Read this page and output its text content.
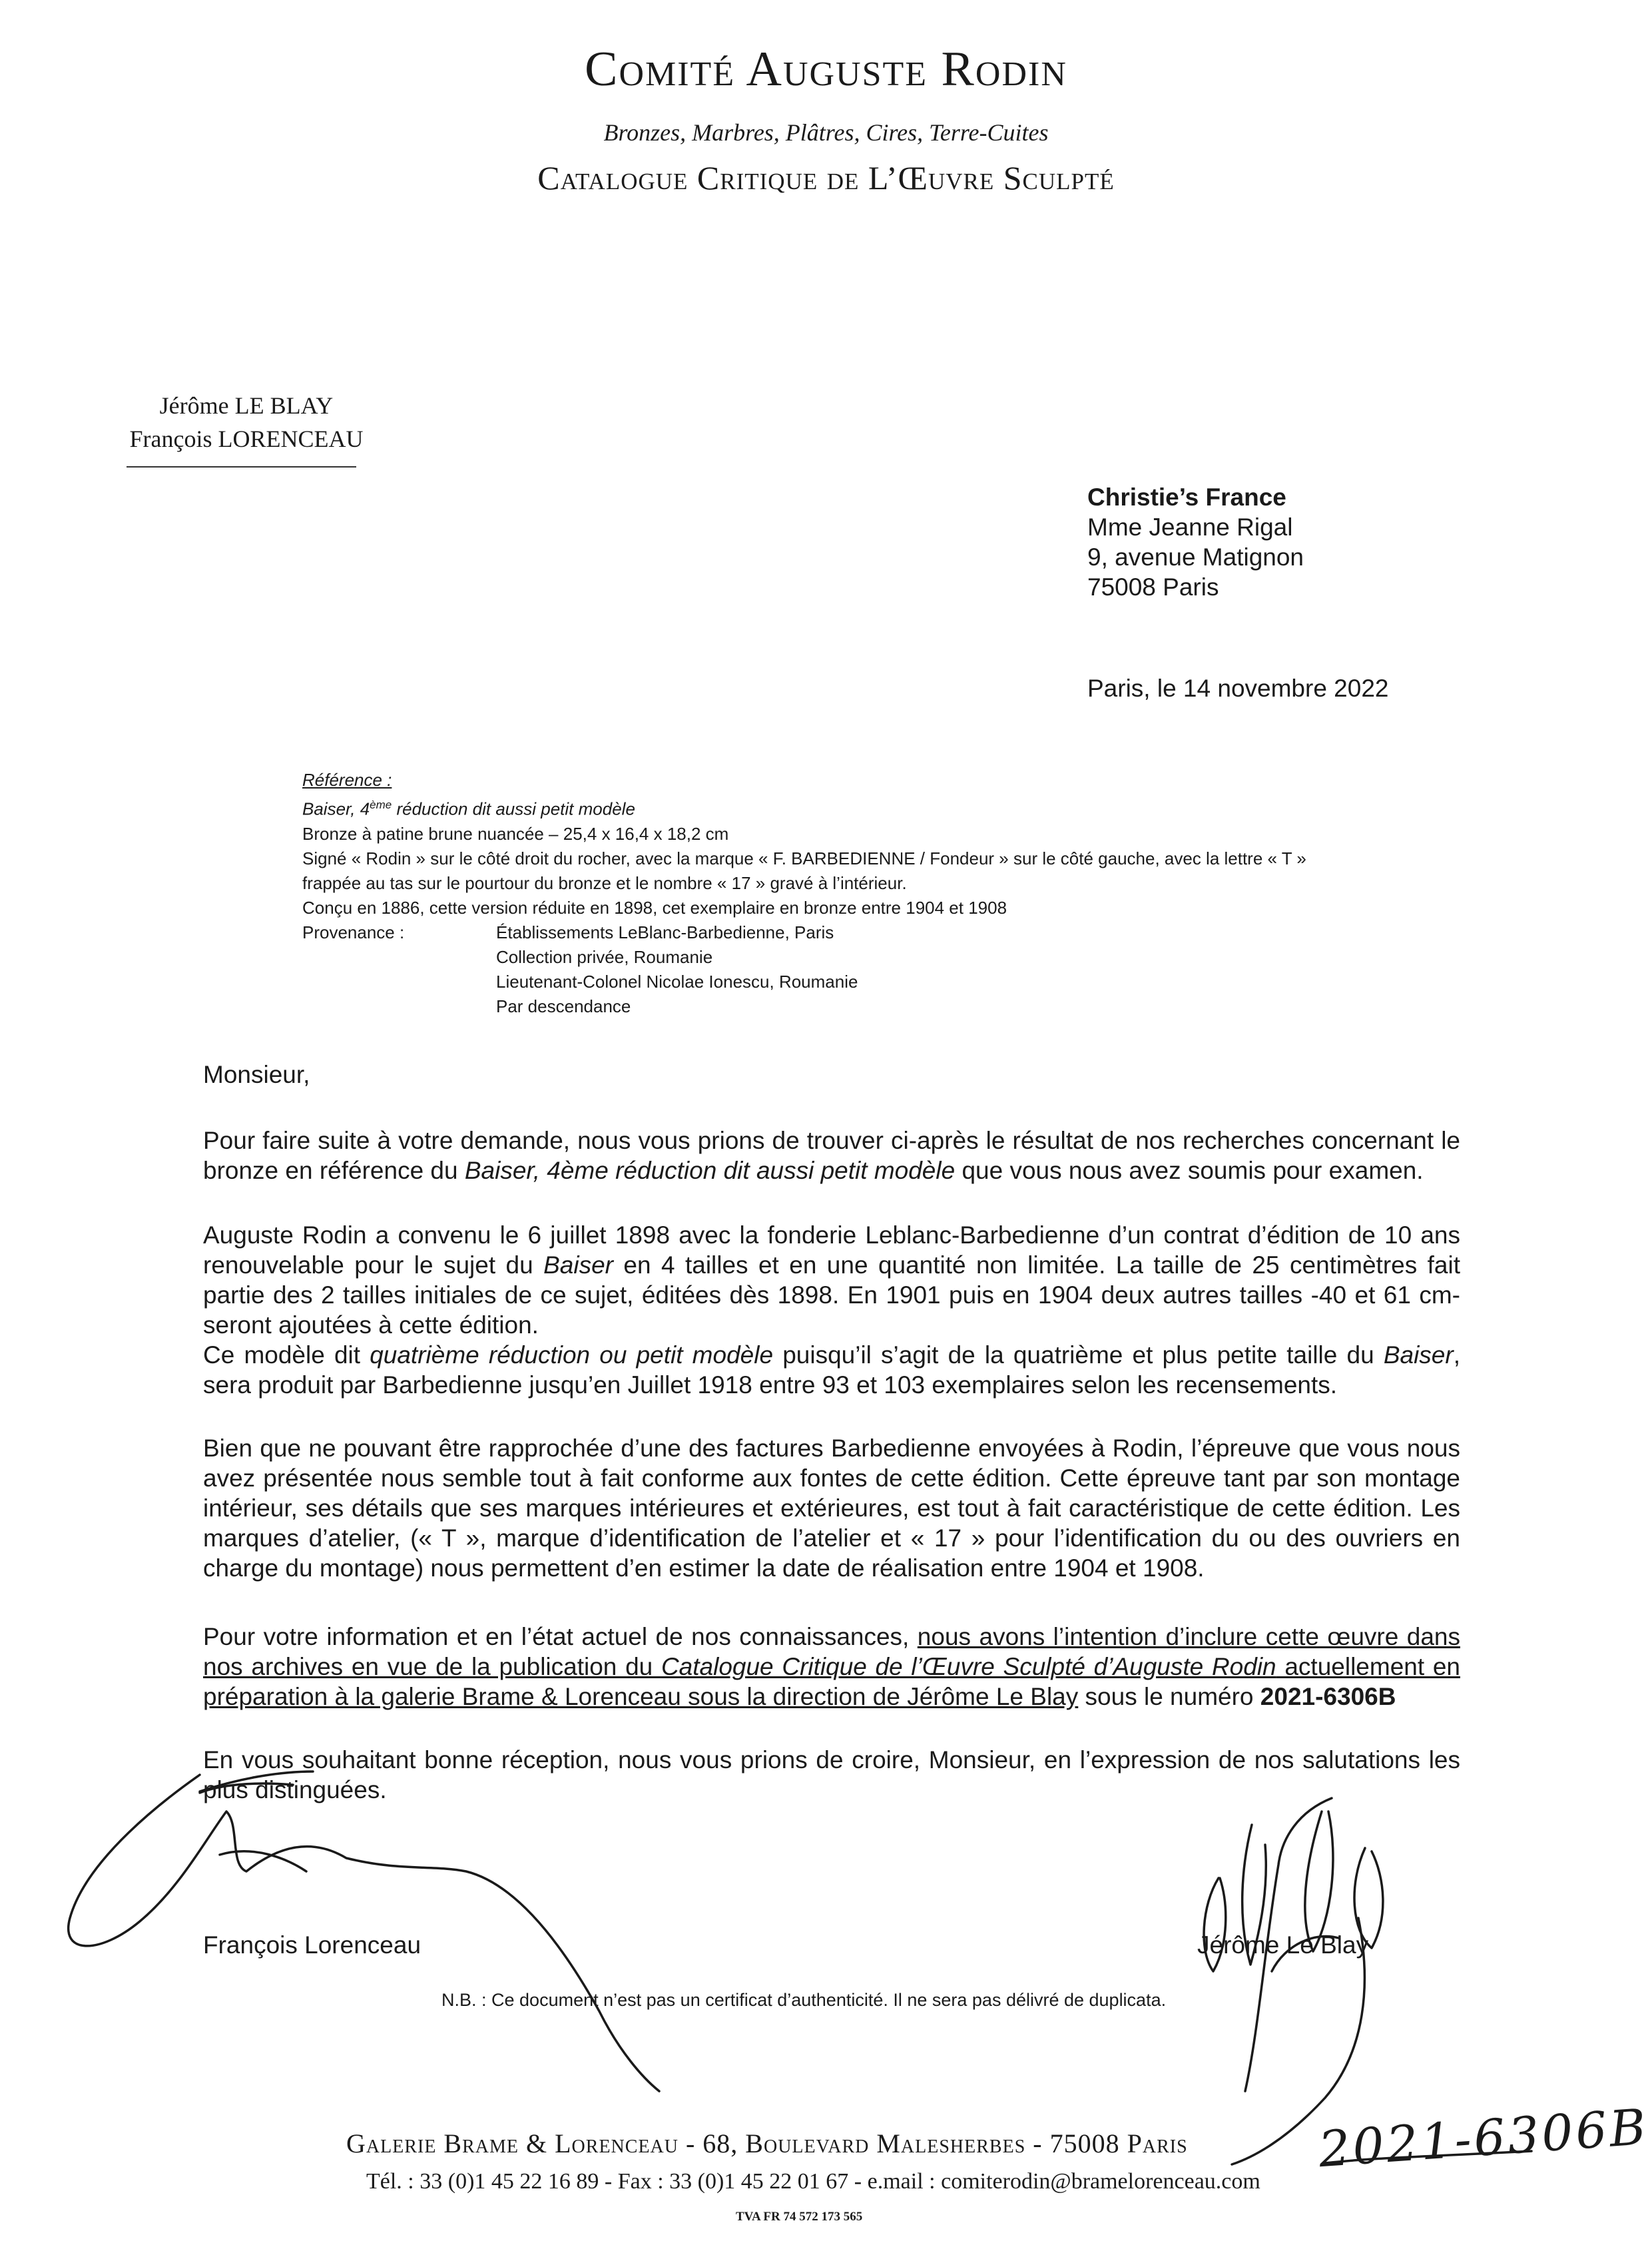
Comité Auguste Rodin
Bronzes, Marbres, Plâtres, Cires, Terre-Cuites
Catalogue Critique de L’Œuvre Sculpté
Jérôme LE BLAY
François LORENCEAU
Christie’s France
Mme Jeanne Rigal
9, avenue Matignon
75008 Paris
Paris, le 14 novembre 2022
Référence :
Baiser, 4ème réduction dit aussi petit modèle
Bronze à patine brune nuancée – 25,4 x 16,4 x 18,2 cm
Signé « Rodin » sur le côté droit du rocher, avec la marque « F. BARBEDIENNE / Fondeur » sur le côté gauche, avec la lettre « T »
frappée au tas sur le pourtour du bronze et le nombre « 17 » gravé à l’intérieur.
Conçu en 1886, cette version réduite en 1898, cet exemplaire en bronze entre 1904 et 1908
Provenance :	Établissements LeBlanc-Barbedienne, Paris
Collection privée, Roumanie
Lieutenant-Colonel Nicolae Ionescu, Roumanie
Par descendance
Monsieur,
Pour faire suite à votre demande, nous vous prions de trouver ci-après le résultat de nos recherches concernant le bronze en référence du Baiser, 4ème réduction dit aussi petit modèle que vous nous avez soumis pour examen.
Auguste Rodin a convenu le 6 juillet 1898 avec la fonderie Leblanc-Barbedienne d’un contrat d’édition de 10 ans renouvelable pour le sujet du Baiser en 4 tailles et en une quantité non limitée. La taille de 25 centimètres fait partie des 2 tailles initiales de ce sujet, éditées dès 1898. En 1901 puis en 1904 deux autres tailles -40 et 61 cm- seront ajoutées à cette édition.
Ce modèle dit quatrième réduction ou petit modèle puisqu’il s’agit de la quatrième et plus petite taille du Baiser, sera produit par Barbedienne jusqu’en Juillet 1918 entre 93 et 103 exemplaires selon les recensements.
Bien que ne pouvant être rapprochée d’une des factures Barbedienne envoyées à Rodin, l’épreuve que vous nous avez présentée nous semble tout à fait conforme aux fontes de cette édition. Cette épreuve tant par son montage intérieur, ses détails que ses marques intérieures et extérieures, est tout à fait caractéristique de cette édition. Les marques d’atelier, (« T », marque d’identification de l’atelier et « 17 » pour l’identification du ou des ouvriers en charge du montage) nous permettent d’en estimer la date de réalisation entre 1904 et 1908.
Pour votre information et en l’état actuel de nos connaissances, nous avons l’intention d’inclure cette œuvre dans nos archives en vue de la publication du Catalogue Critique de l’Œuvre Sculpté d’Auguste Rodin actuellement en préparation à la galerie Brame & Lorenceau sous la direction de Jérôme Le Blay sous le numéro 2021-6306B
En vous souhaitant bonne réception, nous vous prions de croire, Monsieur, en l’expression de nos salutations les plus distinguées.
François Lorenceau	Jérôme Le Blay
N.B. : Ce document n’est pas un certificat d’authenticité. Il ne sera pas délivré de duplicata.
2021-6306B
Galerie Brame & Lorenceau - 68, Boulevard Malesherbes - 75008 Paris
Tél. : 33 (0)1 45 22 16 89 - Fax : 33 (0)1 45 22 01 67 - e.mail : comiterodin@bramelorenceau.com
TVA FR 74 572 173 565
